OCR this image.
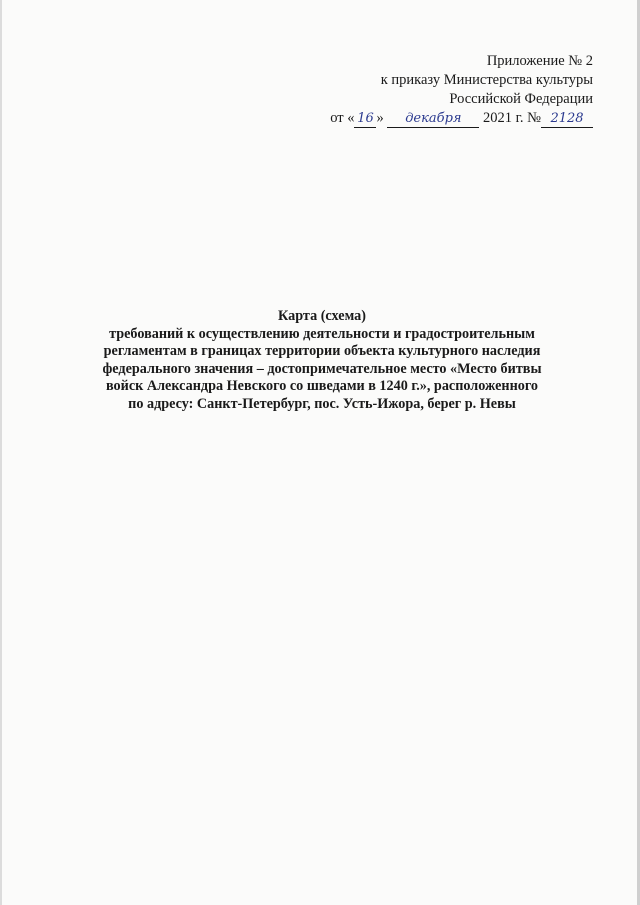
Приложение № 2
к приказу Министерства культуры
Российской Федерации
от « 16 » декабря 2021 г. № 2128
Карта (схема)
требований к осуществлению деятельности и градостроительным
регламентам в границах территории объекта культурного наследия
федерального значения – достопримечательное место «Место битвы
войск Александра Невского со шведами в 1240 г.», расположенного
по адресу: Санкт-Петербург, пос. Усть-Ижора, берег р. Невы
